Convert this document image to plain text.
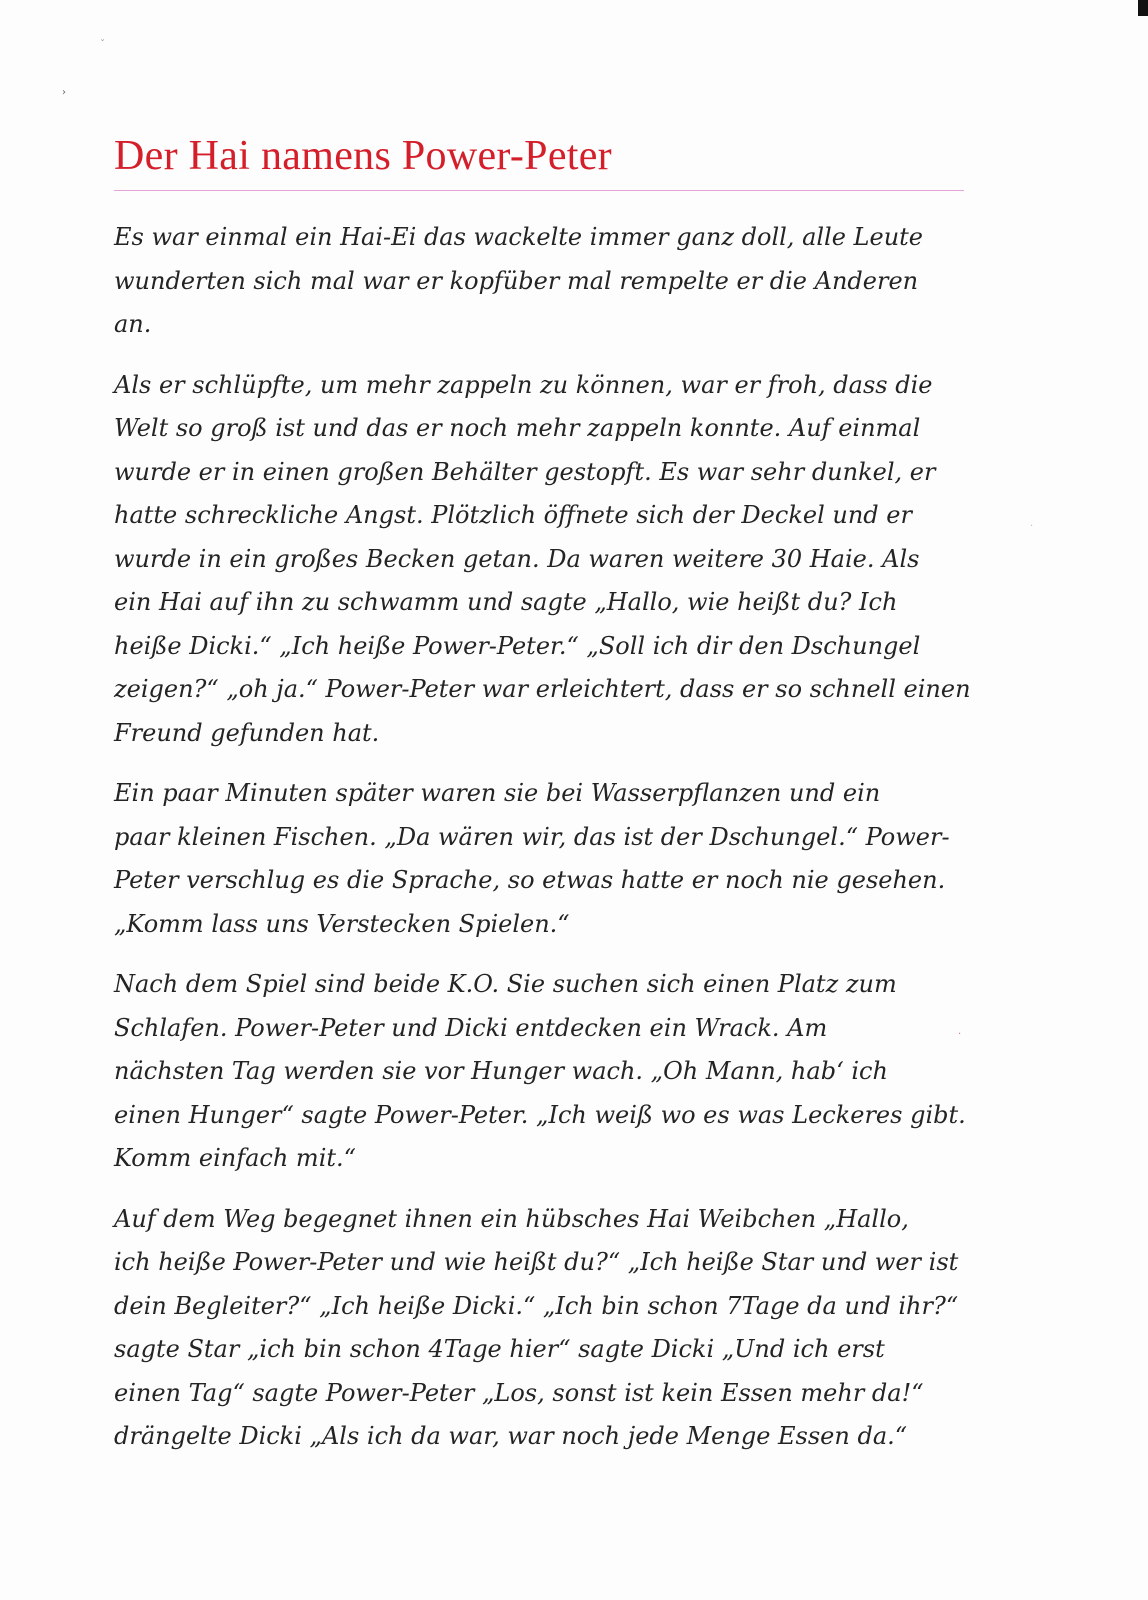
ˇ
›
·
·
Der Hai namens Power-Peter

Es war einmal ein Hai-Ei das wackelte immer ganz doll, alle Leute
wunderten sich mal war er kopfüber mal rempelte er die Anderen
an.

Als er schlüpfte, um mehr zappeln zu können, war er froh, dass die
Welt so groß ist und das er noch mehr zappeln konnte. Auf einmal
wurde er in einen großen Behälter gestopft. Es war sehr dunkel, er
hatte schreckliche Angst. Plötzlich öffnete sich der Deckel und er
wurde in ein großes Becken getan. Da waren weitere 30 Haie. Als
ein Hai auf ihn zu schwamm und sagte „Hallo, wie heißt du? Ich
heiße Dicki.“ „Ich heiße Power-Peter.“ „Soll ich dir den Dschungel
zeigen?“ „oh ja.“ Power-Peter war erleichtert, dass er so schnell einen
Freund gefunden hat.

Ein paar Minuten später waren sie bei Wasserpflanzen und ein
paar kleinen Fischen. „Da wären wir, das ist der Dschungel.“ Power-
Peter verschlug es die Sprache, so etwas hatte er noch nie gesehen.
„Komm lass uns Verstecken Spielen.“

Nach dem Spiel sind beide K.O. Sie suchen sich einen Platz zum
Schlafen. Power-Peter und Dicki entdecken ein Wrack. Am
nächsten Tag werden sie vor Hunger wach. „Oh Mann, hab‘ ich
einen Hunger“ sagte Power-Peter. „Ich weiß wo es was Leckeres gibt.
Komm einfach mit.“

Auf dem Weg begegnet ihnen ein hübsches Hai Weibchen „Hallo,
ich heiße Power-Peter und wie heißt du?“ „Ich heiße Star und wer ist
dein Begleiter?“ „Ich heiße Dicki.“ „Ich bin schon 7Tage da und ihr?“
sagte Star „ich bin schon 4Tage hier“ sagte Dicki „Und ich erst
einen Tag“ sagte Power-Peter „Los, sonst ist kein Essen mehr da!“
drängelte Dicki „Als ich da war, war noch jede Menge Essen da.“
